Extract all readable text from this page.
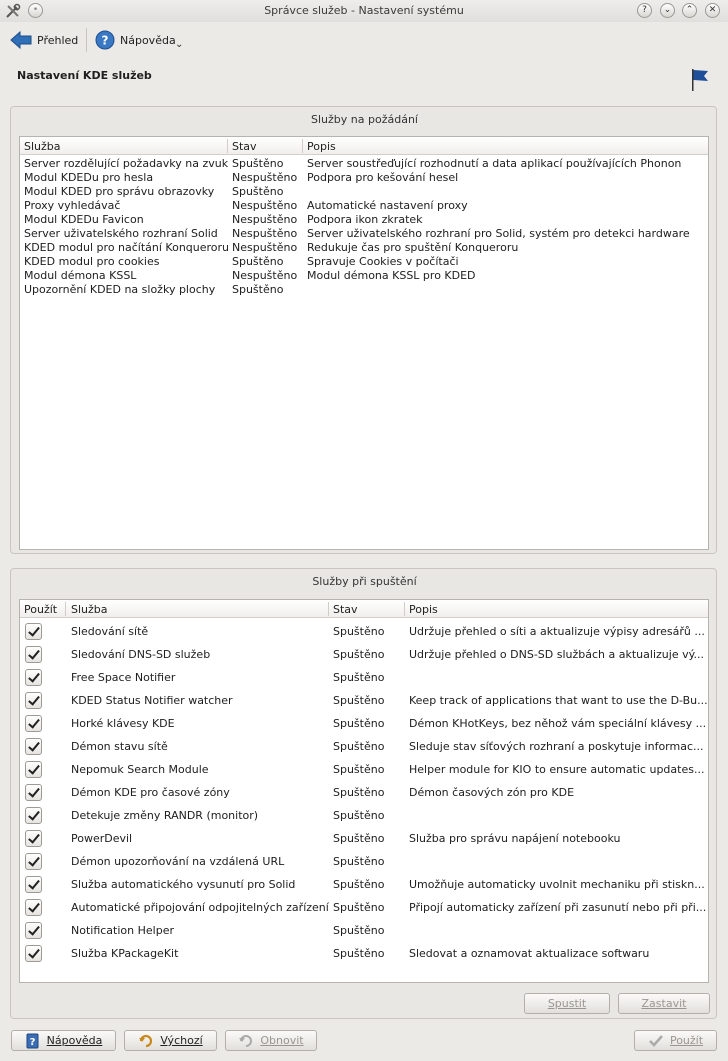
•	Správce služeb - Nastavení systému	?	⌄	⌃	✕
Přehled ? Nápověda ⌄
Nastavení KDE služeb
Služby na požádání
Služba	Stav	Popis
Server rozdělující požadavky na zvuk Spuštěno Server soustřeďující rozhodnutí a data aplikací používajících Phonon
Modul KDEDu pro hesla	Nespuštěno Podpora pro kešování hesel
Modul KDED pro správu obrazovky Spuštěno
Proxy vyhledávač	Nespuštěno Automatické nastavení proxy
Modul KDEDu Favicon	Nespuštěno Podpora ikon zkratek
Server uživatelského rozhraní Solid Nespuštěno Server uživatelského rozhraní pro Solid, systém pro detekci hardware
KDED modul pro načítání Konqueroru Nespuštěno Redukuje čas pro spuštění Konqueroru
KDED modul pro cookies	Spuštěno Spravuje Cookies v počítači
Modul démona KSSL	Nespuštěno Modul démona KSSL pro KDED
Upozornění KDED na složky plochy Spuštěno
Služby při spuštění
Použít Služba	Stav	Popis
Sledování sítě	Spuštěno Udržuje přehled o síti a aktualizuje výpisy adresářů ...
Sledování DNS-SD služeb	Spuštěno Udržuje přehled o DNS-SD službách a aktualizuje vý...
Free Space Notifier	Spuštěno
KDED Status Notifier watcher	Spuštěno Keep track of applications that want to use the D-Bu...
Horké klávesy KDE	Spuštěno Démon KHotKeys, bez něhož vám speciální klávesy ...
Démon stavu sítě	Spuštěno Sleduje stav síťových rozhraní a poskytuje informac...
Nepomuk Search Module	Spuštěno Helper module for KIO to ensure automatic updates...
Démon KDE pro časové zóny	Spuštěno Démon časových zón pro KDE
Detekuje změny RANDR (monitor)	Spuštěno
PowerDevil	Spuštěno Služba pro správu napájení notebooku
Démon upozorňování na vzdálená URL	Spuštěno
Služba automatického vysunutí pro Solid	Spuštěno Umožňuje automaticky uvolnit mechaniku při stiskn...
Automatické připojování odpojitelných zařízení Spuštěno Připojí automaticky zařízení při zasunutí nebo při při...
Notification Helper	Spuštěno
Služba KPackageKit	Spuštěno Sledovat a oznamovat aktualizace softwaru
Spustit	Zastavit
? Nápověda	Výchozí	Obnovit	Použít
